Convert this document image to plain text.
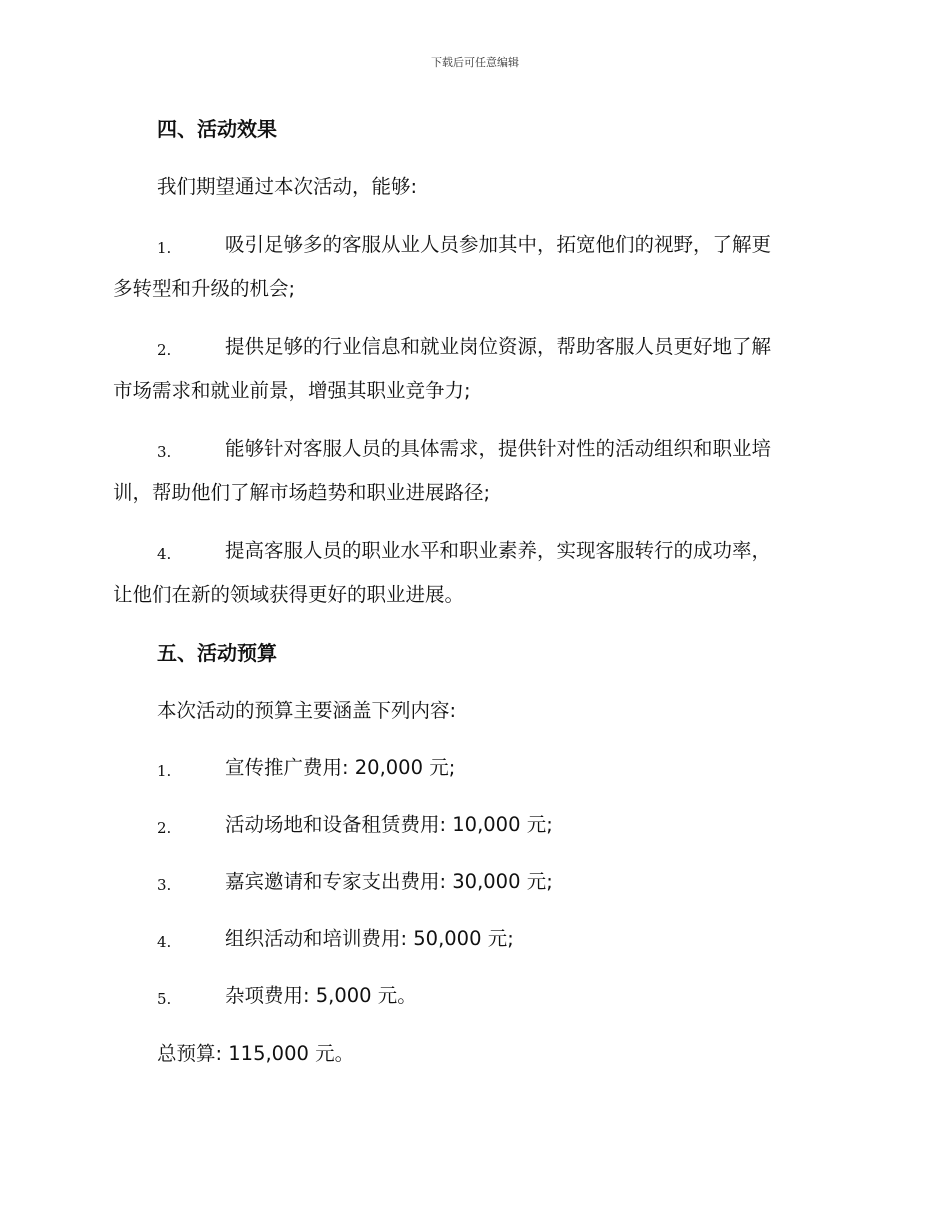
下载后可任意编辑
四、活动效果
我们期望通过本次活动，能够:
1.	吸引足够多的客服从业人员参加其中，拓宽他们的视野，了解更
多转型和升级的机会;
2.	提供足够的行业信息和就业岗位资源，帮助客服人员更好地了解
市场需求和就业前景，增强其职业竞争力;
3.	能够针对客服人员的具体需求，提供针对性的活动组织和职业培
训，帮助他们了解市场趋势和职业进展路径;
4.	提高客服人员的职业水平和职业素养，实现客服转行的成功率，
让他们在新的领域获得更好的职业进展。
五、活动预算
本次活动的预算主要涵盖下列内容:
1.	宣传推广费用: 20,000 元;
2.	活动场地和设备租赁费用: 10,000 元;
3.	嘉宾邀请和专家支出费用: 30,000 元;
4.	组织活动和培训费用: 50,000 元;
5.	杂项费用: 5,000 元。
总预算: 115,000 元。
